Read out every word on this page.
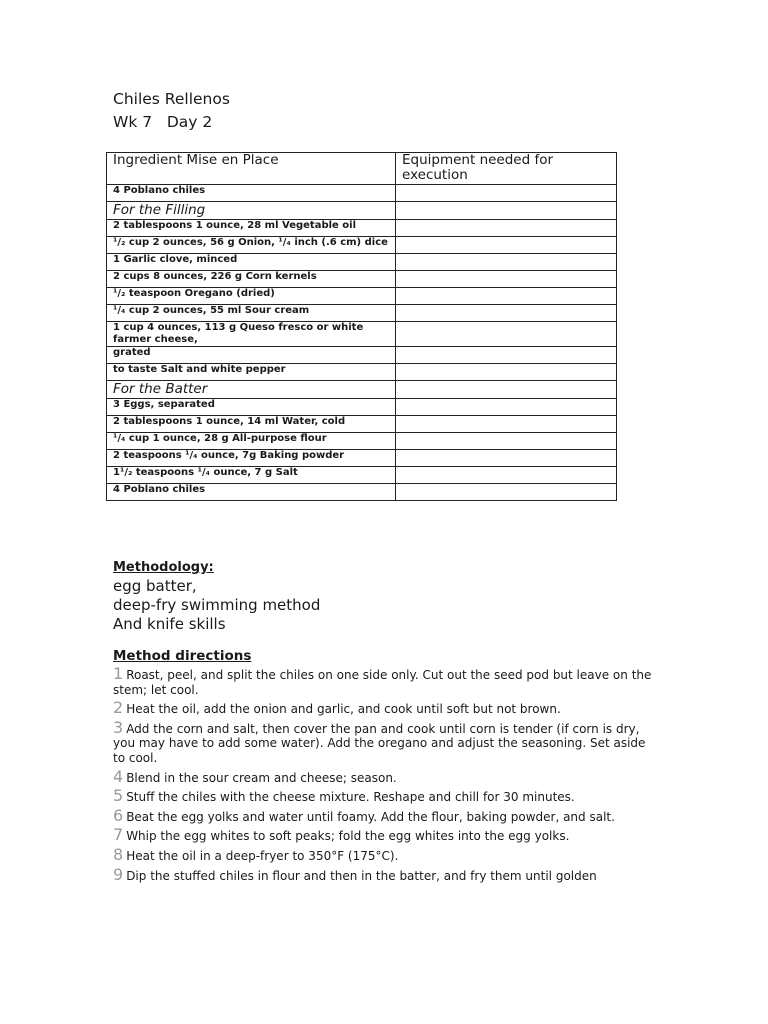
Chiles Rellenos
Wk 7   Day 2
Ingredient Mise en Place	Equipment needed for execution
4 Poblano chiles	
For the Filling	
2 tablespoons 1 ounce, 28 ml Vegetable oil	
¹/₂ cup 2 ounces, 56 g Onion, ¹/₄ inch (.6 cm) dice	
1 Garlic clove, minced	
2 cups 8 ounces, 226 g Corn kernels	
¹/₂ teaspoon Oregano (dried)	
¹/₄ cup 2 ounces, 55 ml Sour cream	
1 cup 4 ounces, 113 g Queso fresco or white farmer cheese,	
grated	
to taste Salt and white pepper	
For the Batter	
3 Eggs, separated	
2 tablespoons 1 ounce, 14 ml Water, cold	
¹/₄ cup 1 ounce, 28 g All-purpose flour	
2 teaspoons ¹/₄ ounce, 7g Baking powder	
1¹/₂ teaspoons ¹/₄ ounce, 7 g Salt	
4 Poblano chiles	
Methodology:
egg batter,
deep-fry swimming method
And knife skills
Method directions
1 Roast, peel, and split the chiles on one side only. Cut out the seed pod but leave on the
stem; let cool.
2 Heat the oil, add the onion and garlic, and cook until soft but not brown.
3 Add the corn and salt, then cover the pan and cook until corn is tender (if corn is dry,
you may have to add some water). Add the oregano and adjust the seasoning. Set aside
to cool.
4 Blend in the sour cream and cheese; season.
5 Stuff the chiles with the cheese mixture. Reshape and chill for 30 minutes.
6 Beat the egg yolks and water until foamy. Add the flour, baking powder, and salt.
7 Whip the egg whites to soft peaks; fold the egg whites into the egg yolks.
8 Heat the oil in a deep-fryer to 350°F (175°C).
9 Dip the stuffed chiles in flour and then in the batter, and fry them until golden
